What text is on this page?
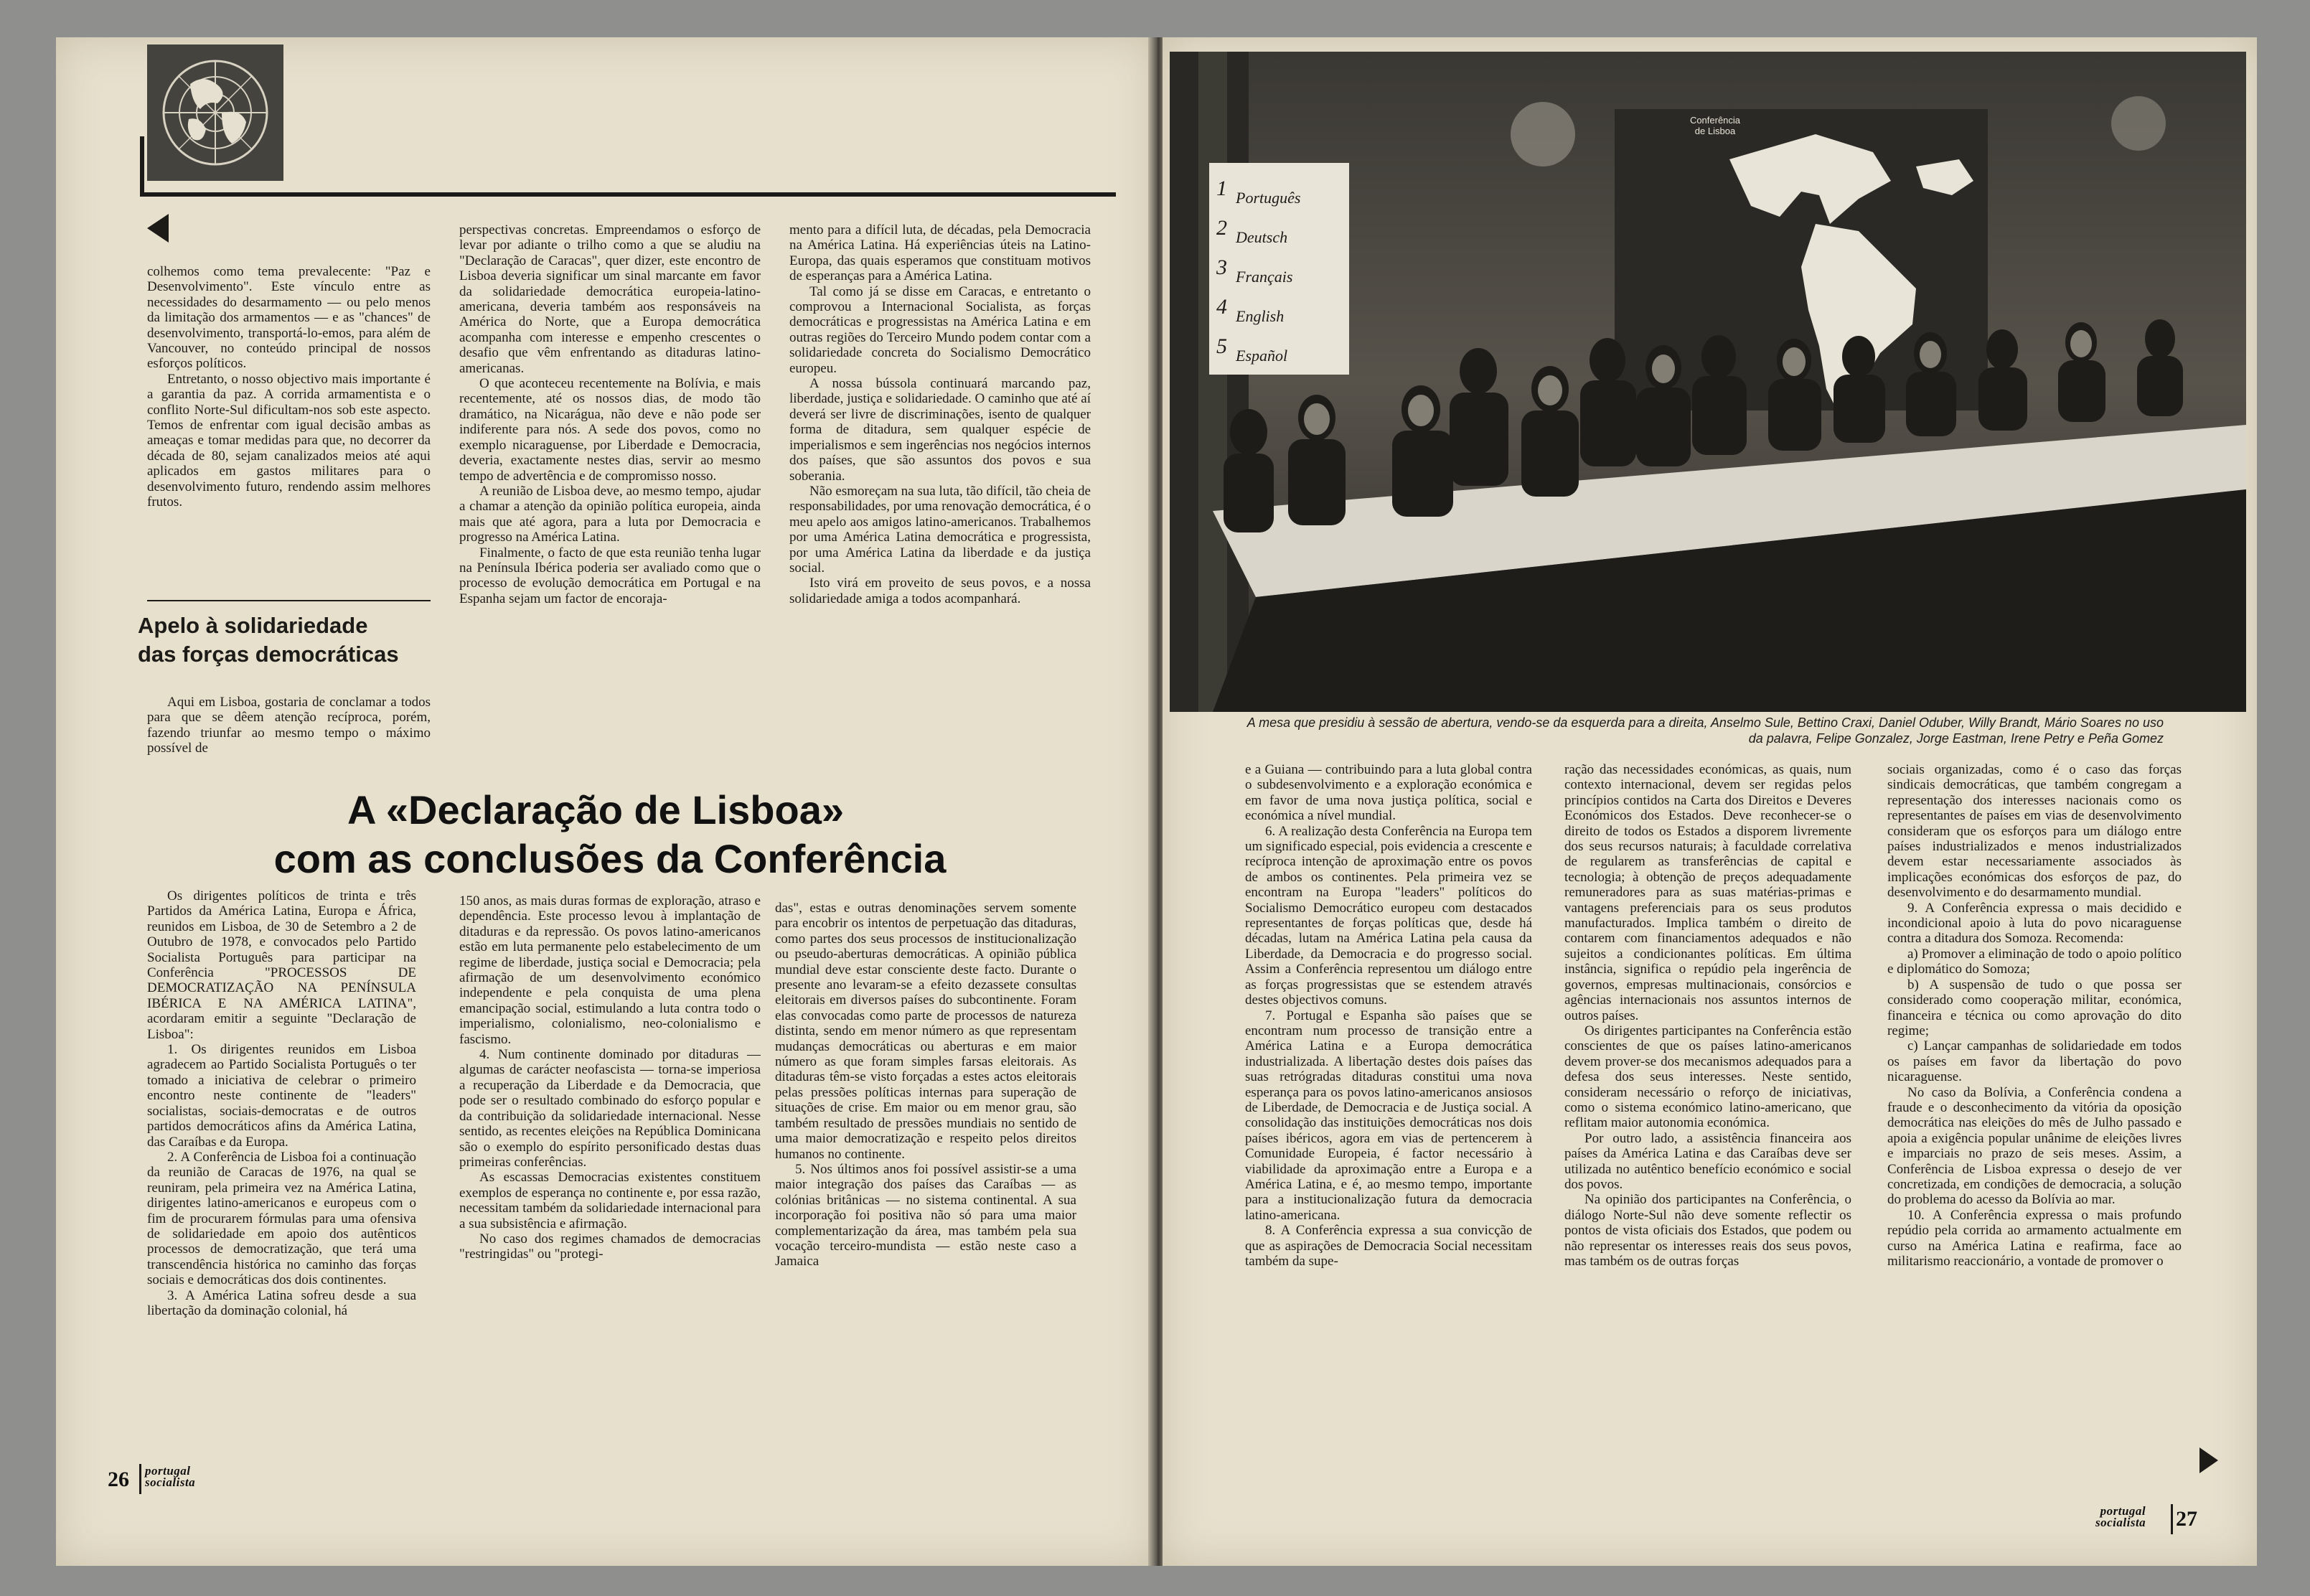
colhemos como tema prevalecente: "Paz e Desenvolvimento". Este vínculo entre as necessidades do desarmamento — ou pelo menos da limitação dos armamentos — e as "chances" de desenvolvimento, transportá-lo-emos, para além de Vancouver, no conteúdo principal de nossos esforços políticos.

Entretanto, o nosso objectivo mais importante é a garantia da paz. A corrida armamentista e o conflito Norte-Sul dificultam-nos sob este aspecto. Temos de enfrentar com igual decisão ambas as ameaças e tomar medidas para que, no decorrer da década de 80, sejam canalizados meios até aqui aplicados em gastos militares para o desenvolvimento futuro, rendendo assim melhores frutos.

Apelo à solidariedade
das forças democráticas

Aqui em Lisboa, gostaria de conclamar a todos para que se dêem atenção recíproca, porém, fazendo triunfar ao mesmo tempo o máximo possível de

perspectivas concretas. Empreendamos o esforço de levar por adiante o trilho como a que se aludiu na "Declaração de Caracas", quer dizer, este encontro de Lisboa deveria significar um sinal marcante em favor da solidariedade democrática europeia-latino-americana, deveria também aos responsáveis na América do Norte, que a Europa democrática acompanha com interesse e empenho crescentes o desafio que vêm enfrentando as ditaduras latino-americanas.

O que aconteceu recentemente na Bolívia, e mais recentemente, até os nossos dias, de modo tão dramático, na Nicarágua, não deve e não pode ser indiferente para nós. A sede dos povos, como no exemplo nicaraguense, por Liberdade e Democracia, deveria, exactamente nestes dias, servir ao mesmo tempo de advertência e de compromisso nosso.

A reunião de Lisboa deve, ao mesmo tempo, ajudar a chamar a atenção da opinião política europeia, ainda mais que até agora, para a luta por Democracia e progresso na América Latina.

Finalmente, o facto de que esta reunião tenha lugar na Península Ibérica poderia ser avaliado como que o processo de evolução democrática em Portugal e na Espanha sejam um factor de encoraja-

mento para a difícil luta, de décadas, pela Democracia na América Latina. Há experiências úteis na Latino-Europa, das quais esperamos que constituam motivos de esperanças para a América Latina.

Tal como já se disse em Caracas, e entretanto o comprovou a Internacional Socialista, as forças democráticas e progressistas na América Latina e em outras regiões do Terceiro Mundo podem contar com a solidariedade concreta do Socialismo Democrático europeu.

A nossa bússola continuará marcando paz, liberdade, justiça e solidariedade. O caminho que até aí deverá ser livre de discriminações, isento de qualquer forma de ditadura, sem qualquer espécie de imperialismos e sem ingerências nos negócios internos dos países, que são assuntos dos povos e sua soberania.

Não esmoreçam na sua luta, tão difícil, tão cheia de responsabilidades, por uma renovação democrática, é o meu apelo aos amigos latino-americanos. Trabalhemos por uma América Latina democrática e progressista, por uma América Latina da liberdade e da justiça social.

Isto virá em proveito de seus povos, e a nossa solidariedade amiga a todos acompanhará.

A «Declaração de Lisboa»
com as conclusões da Conferência

Os dirigentes políticos de trinta e três Partidos da América Latina, Europa e África, reunidos em Lisboa, de 30 de Setembro a 2 de Outubro de 1978, e convocados pelo Partido Socialista Português para participar na Conferência "PROCESSOS DE DEMOCRATIZAÇÃO NA PENÍNSULA IBÉRICA E NA AMÉRICA LATINA", acordaram emitir a seguinte "Declaração de Lisboa":

1. Os dirigentes reunidos em Lisboa agradecem ao Partido Socialista Português o ter tomado a iniciativa de celebrar o primeiro encontro neste continente de "leaders" socialistas, sociais-democratas e de outros partidos democráticos afins da América Latina, das Caraíbas e da Europa.

2. A Conferência de Lisboa foi a continuação da reunião de Caracas de 1976, na qual se reuniram, pela primeira vez na América Latina, dirigentes latino-americanos e europeus com o fim de procurarem fórmulas para uma ofensiva de solidariedade em apoio dos autênticos processos de democratização, que terá uma transcendência histórica no caminho das forças sociais e democráticas dos dois continentes.

3. A América Latina sofreu desde a sua libertação da dominação colonial, há

150 anos, as mais duras formas de exploração, atraso e dependência. Este processo levou à implantação de ditaduras e da repressão. Os povos latino-americanos estão em luta permanente pelo estabelecimento de um regime de liberdade, justiça social e Democracia; pela afirmação de um desenvolvimento económico independente e pela conquista de uma plena emancipação social, estimulando a luta contra todo o imperialismo, colonialismo, neo-colonialismo e fascismo.

4. Num continente dominado por ditaduras — algumas de carácter neofascista — torna-se imperiosa a recuperação da Liberdade e da Democracia, que pode ser o resultado combinado do esforço popular e da contribuição da solidariedade internacional. Nesse sentido, as recentes eleições na República Dominicana são o exemplo do espírito personificado destas duas primeiras conferências.

As escassas Democracias existentes constituem exemplos de esperança no continente e, por essa razão, necessitam também da solidariedade internacional para a sua subsistência e afirmação.

No caso dos regimes chamados de democracias "restringidas" ou "protegi-

das", estas e outras denominações servem somente para encobrir os intentos de perpetuação das ditaduras, como partes dos seus processos de institucionalização ou pseudo-aberturas democráticas. A opinião pública mundial deve estar consciente deste facto. Durante o presente ano levaram-se a efeito dezassete consultas eleitorais em diversos países do subcontinente. Foram elas convocadas como parte de processos de natureza distinta, sendo em menor número as que representam mudanças democráticas ou aberturas e em maior número as que foram simples farsas eleitorais. As ditaduras têm-se visto forçadas a estes actos eleitorais pelas pressões políticas internas para superação de situações de crise. Em maior ou em menor grau, são também resultado de pressões mundiais no sentido de uma maior democratização e respeito pelos direitos humanos no continente.

5. Nos últimos anos foi possível assistir-se a uma maior integração dos países das Caraíbas — as colónias britânicas — no sistema continental. A sua incorporação foi positiva não só para uma maior complementarização da área, mas também pela sua vocação terceiro-mundista — estão neste caso a Jamaica

26 portugal
socialista
1
2
3
4
5
Conferência
de Lisboa
Português
Deutsch
Français
English
Español
A mesa que presidiu à sessão de abertura, vendo-se da esquerda para a direita, Anselmo Sule, Bettino Craxi, Daniel Oduber, Willy Brandt, Mário Soares no uso da palavra, Felipe Gonzalez, Jorge Eastman, Irene Petry e Peña Gomez

e a Guiana — contribuindo para a luta global contra o subdesenvolvimento e a exploração económica e em favor de uma nova justiça política, social e económica a nível mundial.

6. A realização desta Conferência na Europa tem um significado especial, pois evidencia a crescente e recíproca intenção de aproximação entre os povos de ambos os continentes. Pela primeira vez se encontram na Europa "leaders" políticos do Socialismo Democrático europeu com destacados representantes de forças políticas que, desde há décadas, lutam na América Latina pela causa da Liberdade, da Democracia e do progresso social. Assim a Conferência representou um diálogo entre as forças progressistas que se estendem através destes objectivos comuns.

7. Portugal e Espanha são países que se encontram num processo de transição entre a América Latina e a Europa democrática industrializada. A libertação destes dois países das suas retrógradas ditaduras constitui uma nova esperança para os povos latino-americanos ansiosos de Liberdade, de Democracia e de Justiça social. A consolidação das instituições democráticas nos dois países ibéricos, agora em vias de pertencerem à Comunidade Europeia, é factor necessário à viabilidade da aproximação entre a Europa e a América Latina, e é, ao mesmo tempo, importante para a institucionalização futura da democracia latino-americana.

8. A Conferência expressa a sua convicção de que as aspirações de Democracia Social necessitam também da supe-

ração das necessidades económicas, as quais, num contexto internacional, devem ser regidas pelos princípios contidos na Carta dos Direitos e Deveres Económicos dos Estados. Deve reconhecer-se o direito de todos os Estados a disporem livremente dos seus recursos naturais; à faculdade correlativa de regularem as transferências de capital e tecnologia; à obtenção de preços adequadamente remuneradores para as suas matérias-primas e vantagens preferenciais para os seus produtos manufacturados. Implica também o direito de contarem com financiamentos adequados e não sujeitos a condicionantes políticas. Em última instância, significa o repúdio pela ingerência de governos, empresas multinacionais, consórcios e agências internacionais nos assuntos internos de outros países.

Os dirigentes participantes na Conferência estão conscientes de que os países latino-americanos devem prover-se dos mecanismos adequados para a defesa dos seus interesses. Neste sentido, consideram necessário o reforço de iniciativas, como o sistema económico latino-americano, que reflitam maior autonomia económica.

Por outro lado, a assistência financeira aos países da América Latina e das Caraíbas deve ser utilizada no autêntico benefício económico e social dos povos.

Na opinião dos participantes na Conferência, o diálogo Norte-Sul não deve somente reflectir os pontos de vista oficiais dos Estados, que podem ou não representar os interesses reais dos seus povos, mas também os de outras forças

sociais organizadas, como é o caso das forças sindicais democráticas, que também congregam a representação dos interesses nacionais como os representantes de países em vias de desenvolvimento consideram que os esforços para um diálogo entre países industrializados e menos industrializados devem estar necessariamente associados às implicações económicas dos esforços de paz, do desenvolvimento e do desarmamento mundial.

9. A Conferência expressa o mais decidido e incondicional apoio à luta do povo nicaraguense contra a ditadura dos Somoza. Recomenda:

a) Promover a eliminação de todo o apoio político e diplomático do Somoza;

b) A suspensão de tudo o que possa ser considerado como cooperação militar, económica, financeira e técnica ou como aprovação do dito regime;

c) Lançar campanhas de solidariedade em todos os países em favor da libertação do povo nicaraguense.

No caso da Bolívia, a Conferência condena a fraude e o desconhecimento da vitória da oposição democrática nas eleições do mês de Julho passado e apoia a exigência popular unânime de eleições livres e imparciais no prazo de seis meses. Assim, a Conferência de Lisboa expressa o desejo de ver concretizada, em condições de democracia, a solução do problema do acesso da Bolívia ao mar.

10. A Conferência expressa o mais profundo repúdio pela corrida ao armamento actualmente em curso na América Latina e reafirma, face ao militarismo reaccionário, a vontade de promover o

portugal
socialista 27
